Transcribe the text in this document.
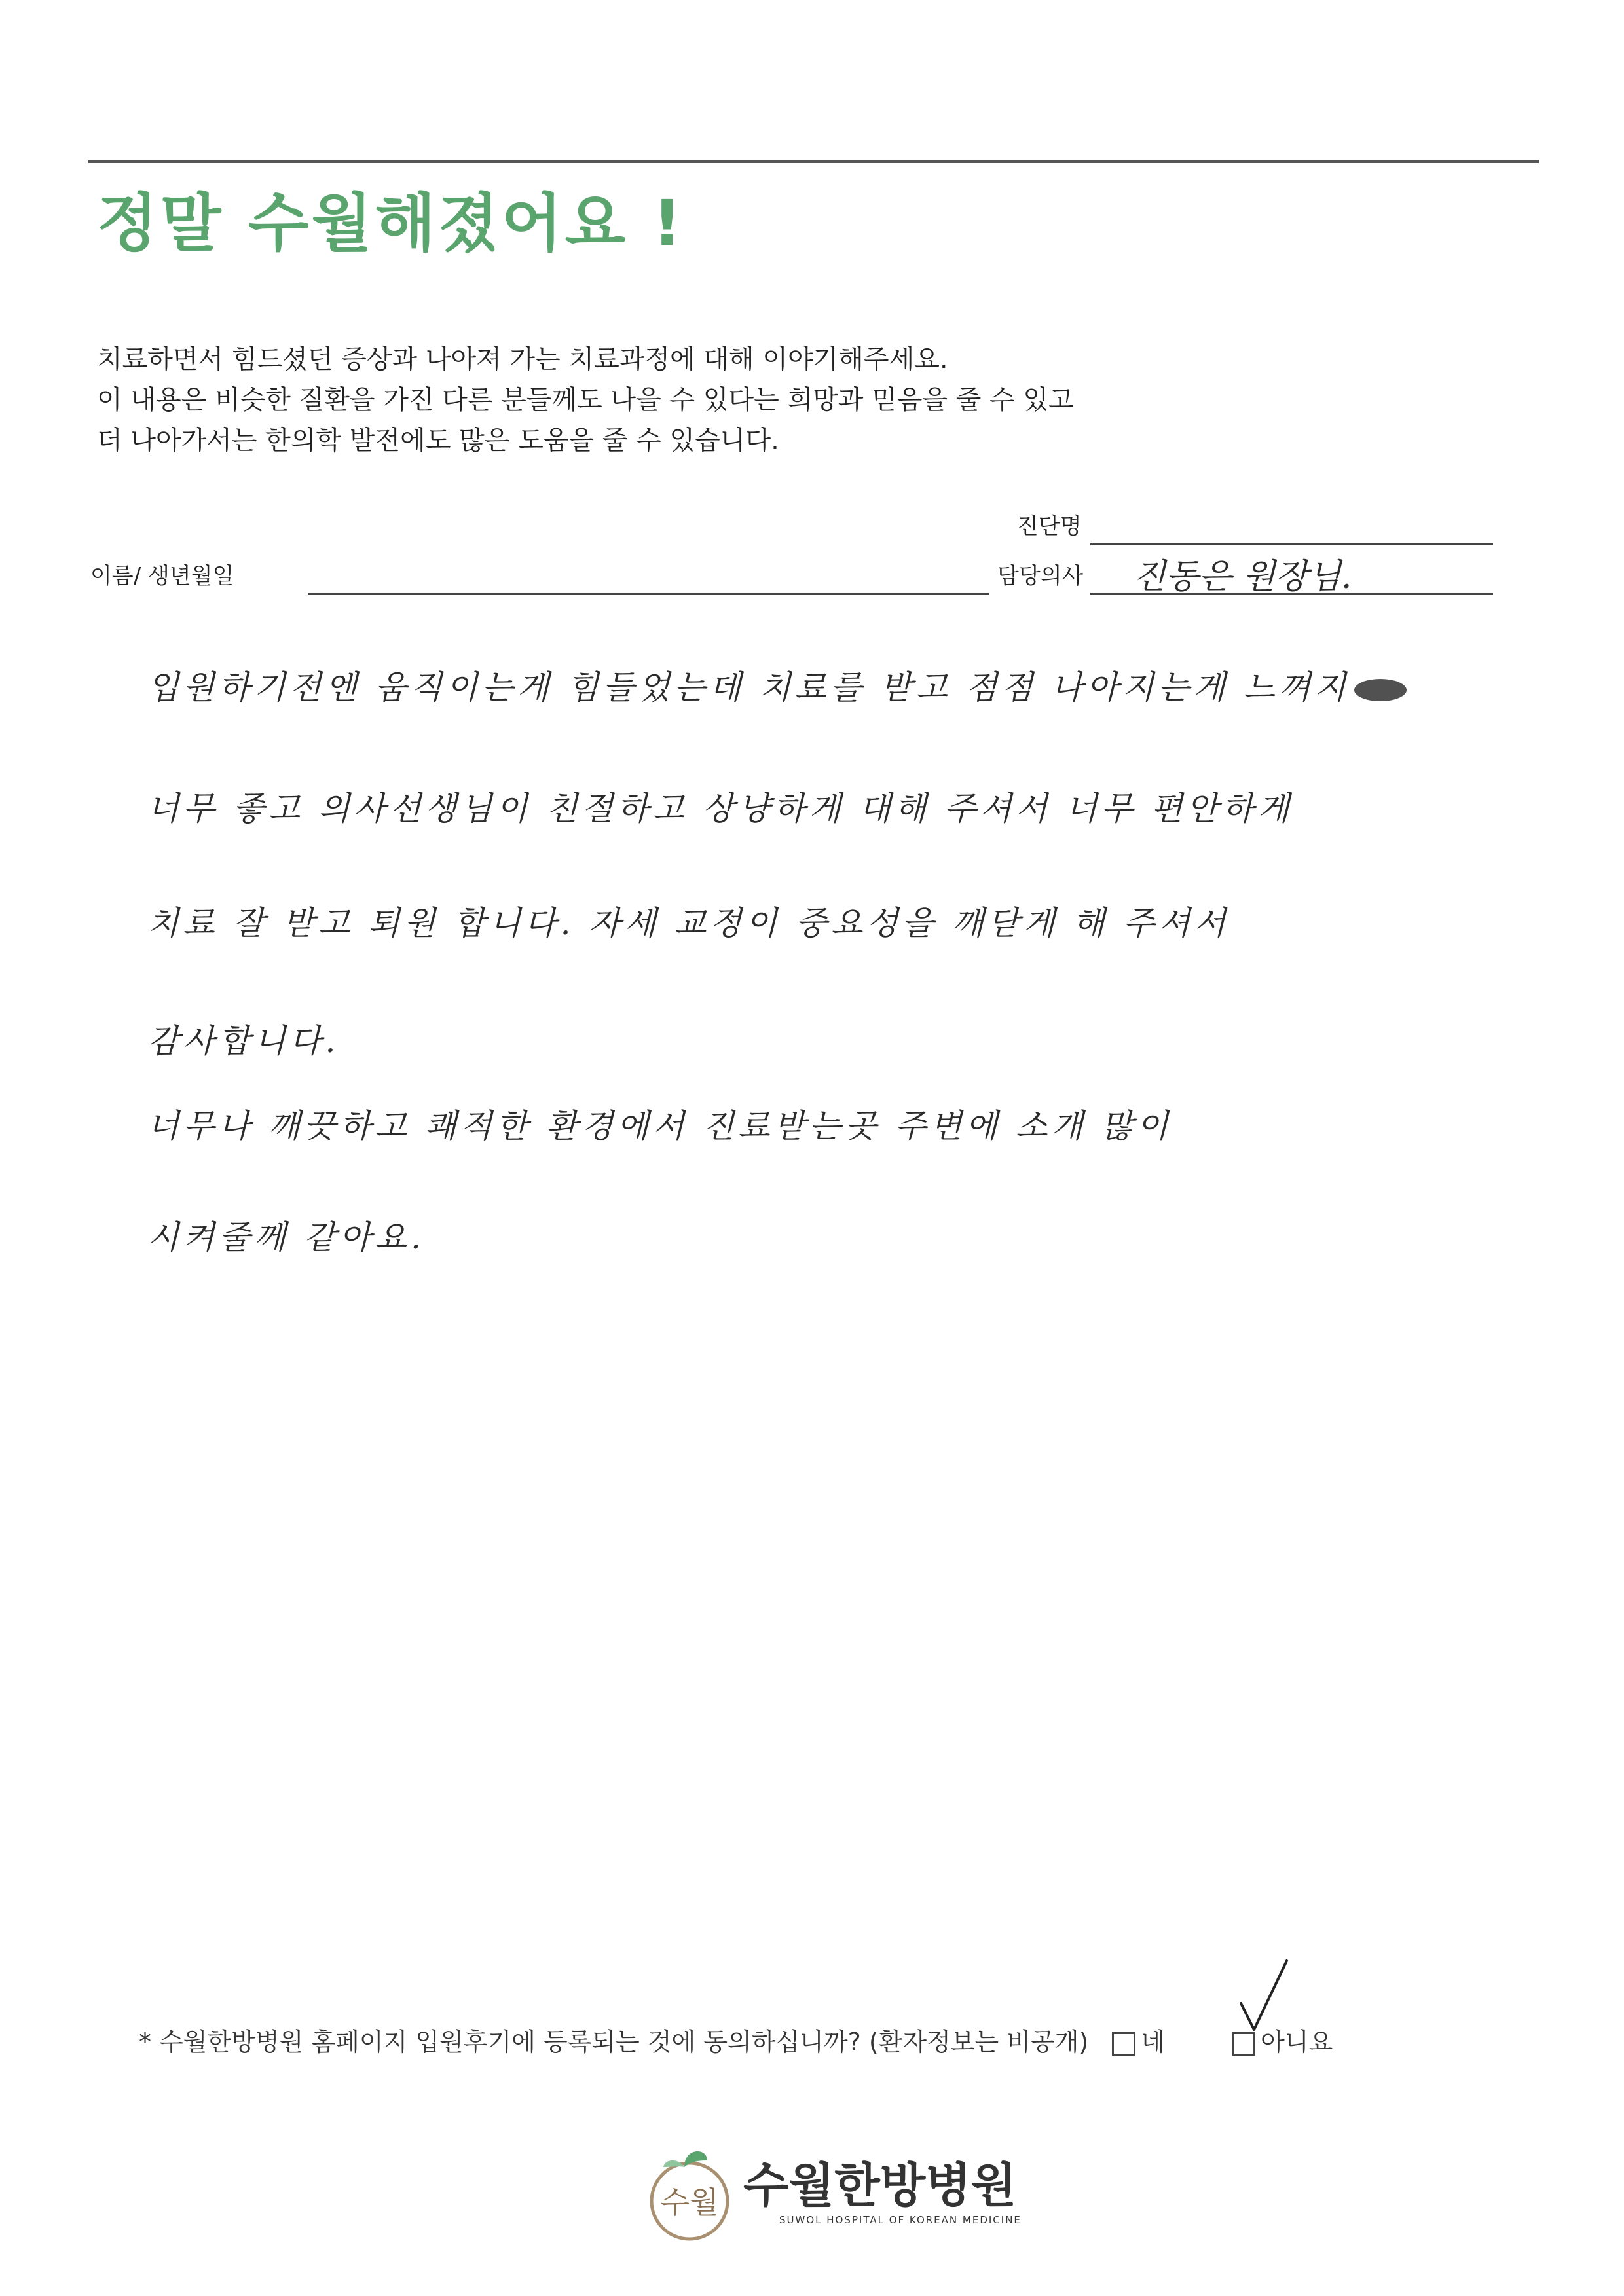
정말 수월해졌어요 !
치료하면서 힘드셨던 증상과 나아져 가는 치료과정에 대해 이야기해주세요.
이 내용은 비슷한 질환을 가진 다른 분들께도 나을 수 있다는 희망과 믿음을 줄 수 있고
더 나아가서는 한의학 발전에도 많은 도움을 줄 수 있습니다.
진단명
이름/ 생년월일	담당의사 진동은 원장님.
입원하기전엔 움직이는게 힘들었는데 치료를 받고 점점 나아지는게 느껴지
너무 좋고 의사선생님이 친절하고 상냥하게 대해 주셔서 너무 편안하게
치료 잘 받고 퇴원 합니다. 자세 교정이 중요성을 깨닫게 해 주셔서
감사합니다.
너무나 깨끗하고 쾌적한 환경에서 진료받는곳 주변에 소개 많이
시켜줄께 같아요.
* 수월한방병원 홈페이지 입원후기에 등록되는 것에 동의하십니까? (환자정보는 비공개) 네	아니요
수월 수월한방병원
SUWOL HOSPITAL OF KOREAN MEDICINE
